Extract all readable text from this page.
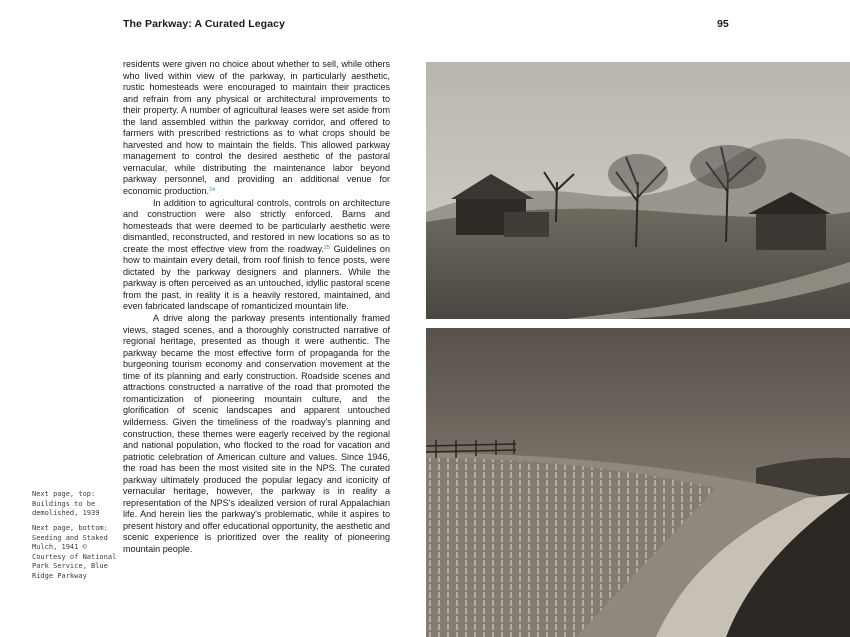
The Parkway: A Curated Legacy	95

residents were given no choice about whether to sell, while others who lived within view of the parkway, in particularly aesthetic, rustic homesteads were encouraged to maintain their practices and refrain from any physical or architectural improvements to their property. A number of agricultural leases were set aside from the land assembled within the parkway corridor, and offered to farmers with prescribed restrictions as to what crops should be harvested and how to maintain the fields. This allowed parkway management to control the desired aesthetic of the pastoral vernacular, while distributing the maintenance labor beyond parkway personnel, and providing an additional venue for economic production.$^{24}$

In addition to agricultural controls, controls on architecture and construction were also strictly enforced. Barns and homesteads that were deemed to be particularly aesthetic were dismantled, reconstructed, and restored in new locations so as to create the most effective view from the roadway.$^{25}$ Guidelines on how to maintain every detail, from roof finish to fence posts, were dictated by the parkway designers and planners. While the parkway is often perceived as an untouched, idyllic pastoral scene from the past, in reality it is a heavily restored, maintained, and even fabricated landscape of romanticized mountain life.

A drive along the parkway presents intentionally framed views, staged scenes, and a thoroughly constructed narrative of regional heritage, presented as though it were authentic. The parkway became the most effective form of propaganda for the burgeoning tourism economy and conservation movement at the time of its planning and early construction. Roadside scenes and attractions constructed a narrative of the road that promoted the romanticization of pioneering mountain culture, and the glorification of scenic landscapes and apparent untouched wilderness. Given the timeliness of the roadway's planning and construction, these themes were eagerly received by the regional and national population, who flocked to the road for vacation and patriotic celebration of American culture and values. Since 1946, the road has been the most visited site in the NPS. The curated parkway ultimately produced the popular legacy and iconicity of vernacular heritage, however, the parkway is in reality a representation of the NPS's idealized version of rural Appalachian life. And herein lies the parkway's problematic, while it aspires to present history and offer educational opportunity, the aesthetic and scenic experience is prioritized over the reality of pioneering mountain people.

Next page, top: Buildings to be demolished, 1939
Next page, bottom: Seeding and Staked Mulch, 1941 © Courtesy of National Park Service, Blue Ridge Parkway
